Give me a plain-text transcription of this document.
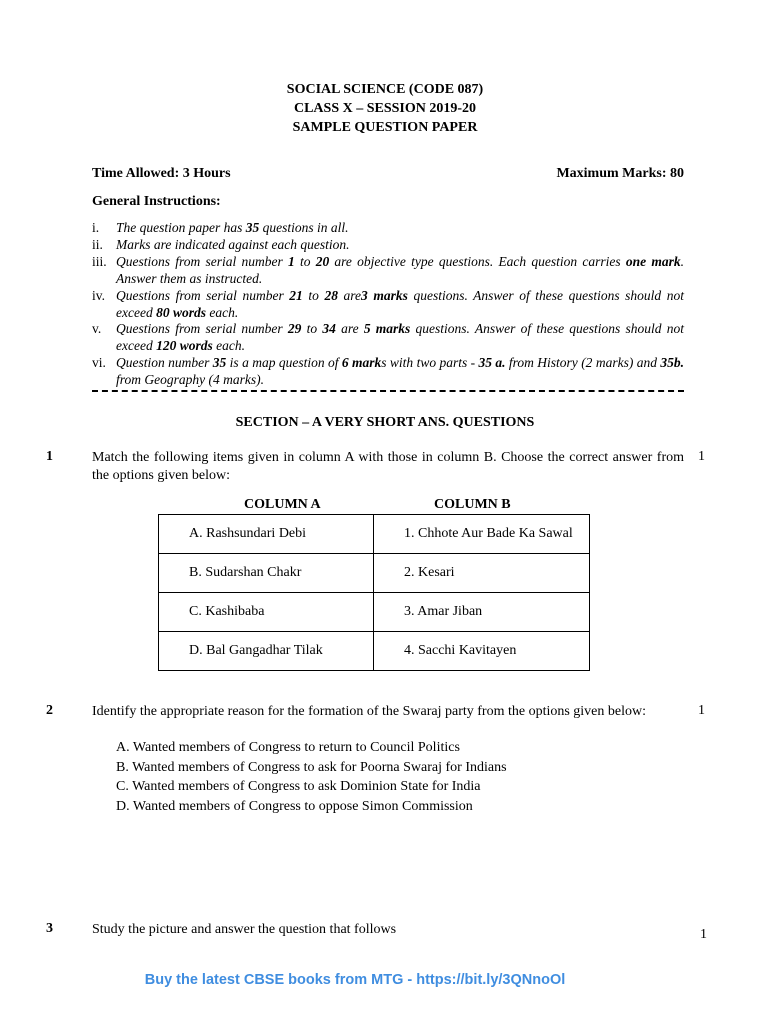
SOCIAL SCIENCE (CODE 087)
CLASS X – SESSION 2019-20
SAMPLE QUESTION PAPER
Time Allowed: 3 Hours	Maximum Marks: 80
General Instructions:
i.	The question paper has 35 questions in all.
ii. Marks are indicated against each question.
iii. Questions from serial number 1 to 20 are objective type questions. Each question carries one mark. Answer them as instructed.
iv. Questions from serial number 21 to 28 are3 marks questions. Answer of these questions should not exceed 80 words each.
v.	Questions from serial number 29 to 34 are 5 marks questions. Answer of these questions should not exceed 120 words each.
vi. Question number 35 is a map question of 6 marks with two parts - 35 a. from History (2 marks) and 35b. from Geography (4 marks).
SECTION – A VERY SHORT ANS. QUESTIONS
1	Match the following items given in column A with those in column B. Choose the correct answer from the options given below:
1
COLUMN A	COLUMN B
A. Rashsundari Debi	1. Chhote Aur Bade Ka Sawal
B. Sudarshan Chakr	2. Kesari
C. Kashibaba	3. Amar Jiban
D. Bal Gangadhar Tilak	4. Sacchi Kavitayen
2	Identify the appropriate reason for the formation of the Swaraj party from the options given below:	1
A. Wanted members of Congress to return to Council Politics
B. Wanted members of Congress to ask for Poorna Swaraj for Indians
C. Wanted members of Congress to ask Dominion State for India
D. Wanted members of Congress to oppose Simon Commission
3	Study the picture and answer the question that follows	1
Buy the latest CBSE books from MTG - https://bit.ly/3QNnoOl
